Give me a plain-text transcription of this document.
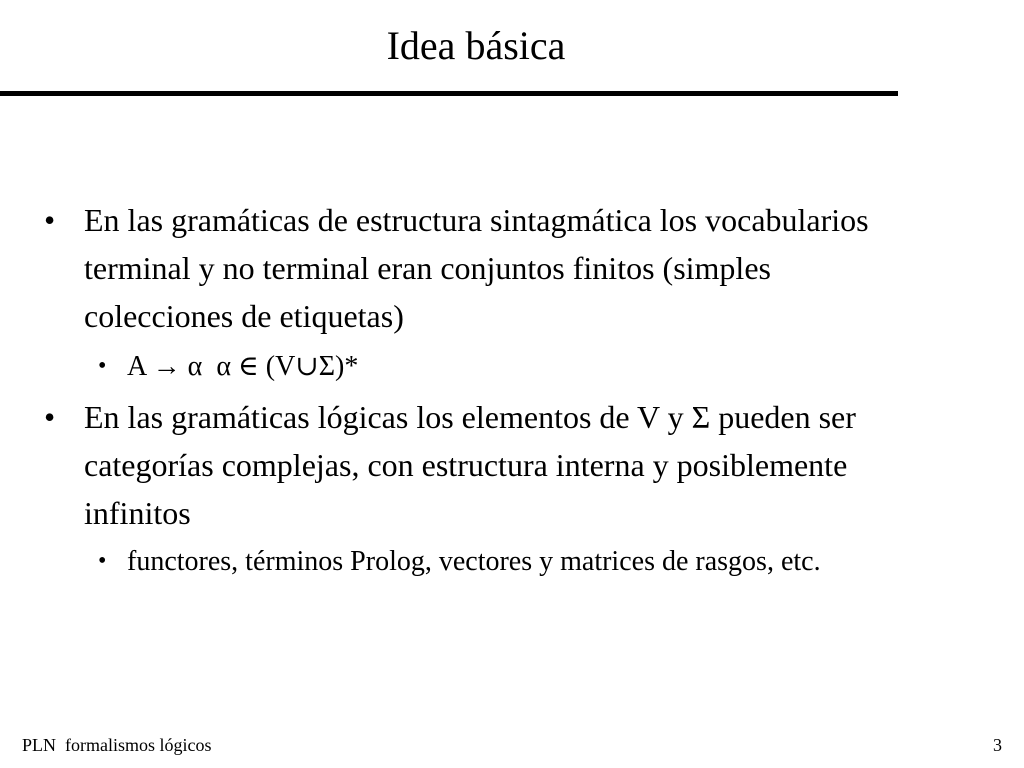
Idea básica
• En las gramáticas de estructura sintagmática los vocabularios terminal y no terminal eran conjuntos finitos (simples colecciones de etiquetas)
• A → α  α ∈ (V∪Σ)*
• En las gramáticas lógicas los elementos de V y Σ pueden ser categorías complejas, con estructura interna y posiblemente infinitos
• functores, términos Prolog, vectores y matrices de rasgos, etc.
PLN  formalismos lógicos	3
